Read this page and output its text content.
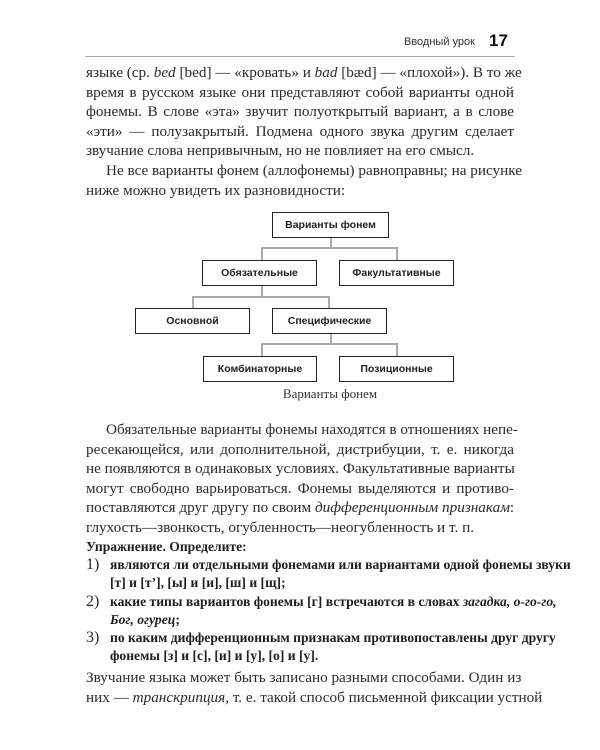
Вводный урок 17
языке (ср. bed [bed] — «кровать» и bad [bæd] — «плохой»). В то же
время в русском языке они представляют собой варианты одной
фонемы. В слове «эта» звучит полуоткрытый вариант, а в слове
«эти» — полузакрытый. Подмена одного звука другим сделает
звучание слова непривычным, но не повлияет на его смысл.
Не все варианты фонем (аллофонемы) равноправны; на рисунке
ниже можно увидеть их разновидности:
Варианты фонем
Обязательные	Факультативные
Основной	Специфические
Комбинаторные	Позиционные
Варианты фонем
Обязательные варианты фонемы находятся в отношениях непе-
ресекающейся, или дополнительной, дистрибуции, т. е. никогда
не появляются в одинаковых условиях. Факультативные варианты
могут свободно варьироваться. Фонемы выделяются и противо-
поставляются друг другу по своим дифференционным признакам:
глухость—звонкость, огубленность—неогубленность и т. п.
Упражнение. Определите:
1) являются ли отдельными фонемами или вариантами одной фонемы звуки
[т] и [т’], [ы] и [и], [ш] и [щ];
2) какие типы вариантов фонемы [г] встречаются в словах загадка, о-го-го,
Бог, огурец;
3) по каким дифференционным признакам противопоставлены друг другу
фонемы [з] и [с], [и] и [у], [о] и [у].
Звучание языка может быть записано разными способами. Один из
них — транскрипция, т. е. такой способ письменной фиксации устной
